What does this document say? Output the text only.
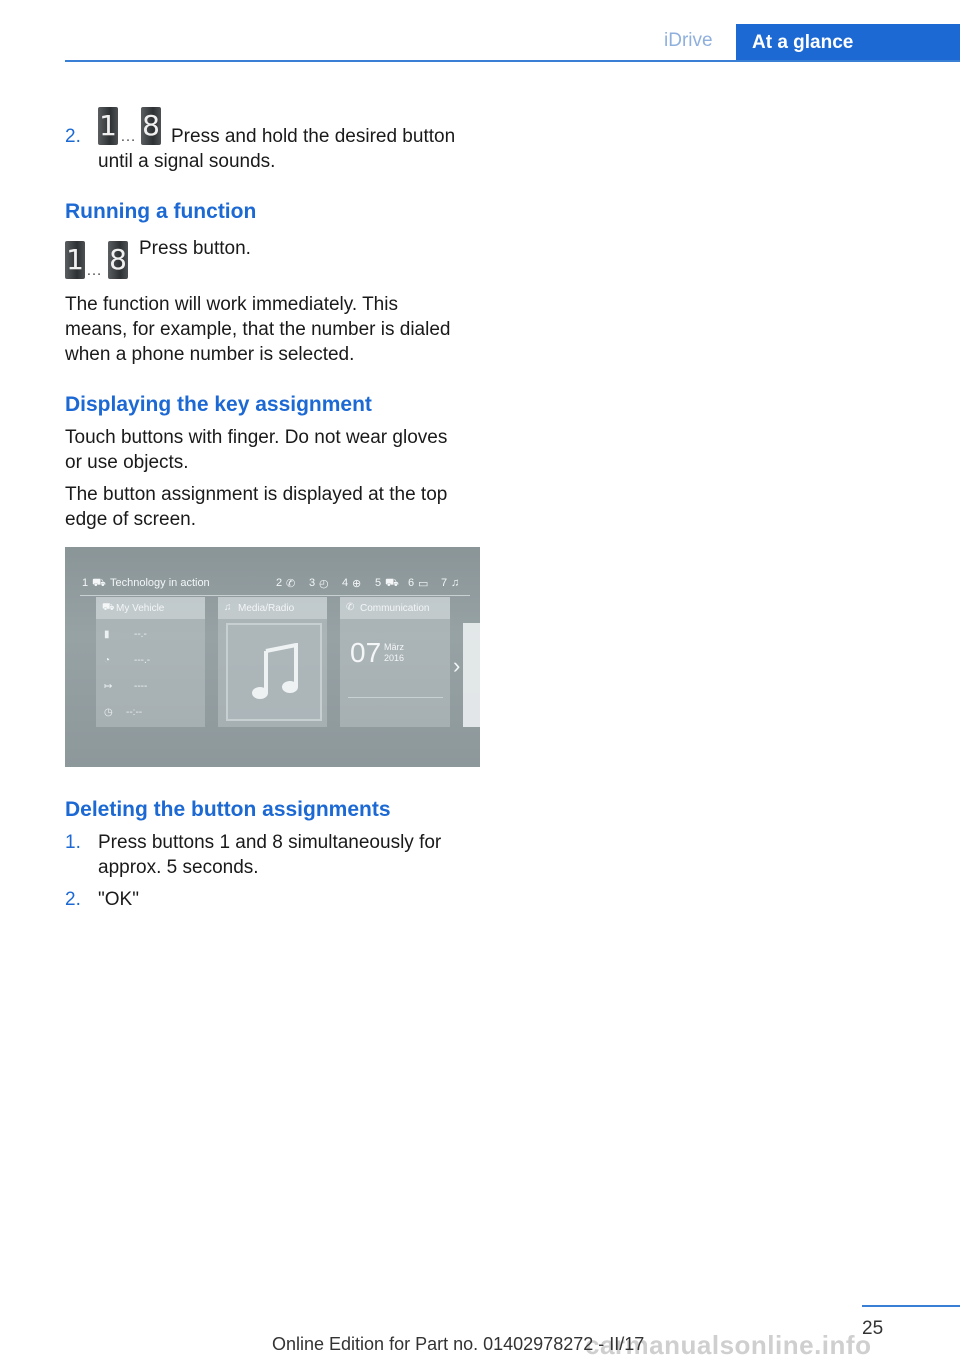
iDrive	At a glance
2. 1 … 8 Press and hold the desired button
until a signal sounds.
Running a function
1 … 8 Press button.
The function will work immediately. This
means, for example, that the number is dialed
when a phone number is selected.
Displaying the key assignment
Touch buttons with finger. Do not wear gloves
or use objects.
The button assignment is displayed at the top
edge of screen.
1 ⛟ Technology in action	2 ✆ 3 ◴ 4 ⊕ 5 ⛟ 6 ▭ 7 ♫
⛟ My Vehicle
▮ --.-
◔ ---.-
↦ ----
◷ --:--
♫ Media/Radio	✆ Communication
07 März
2016 ›
Deleting the button assignments
1. Press buttons 1 and 8 simultaneously for
approx. 5 seconds.
2. "OK"
25
carmanualsonline.info
Online Edition for Part no. 01402978272 - II/17
